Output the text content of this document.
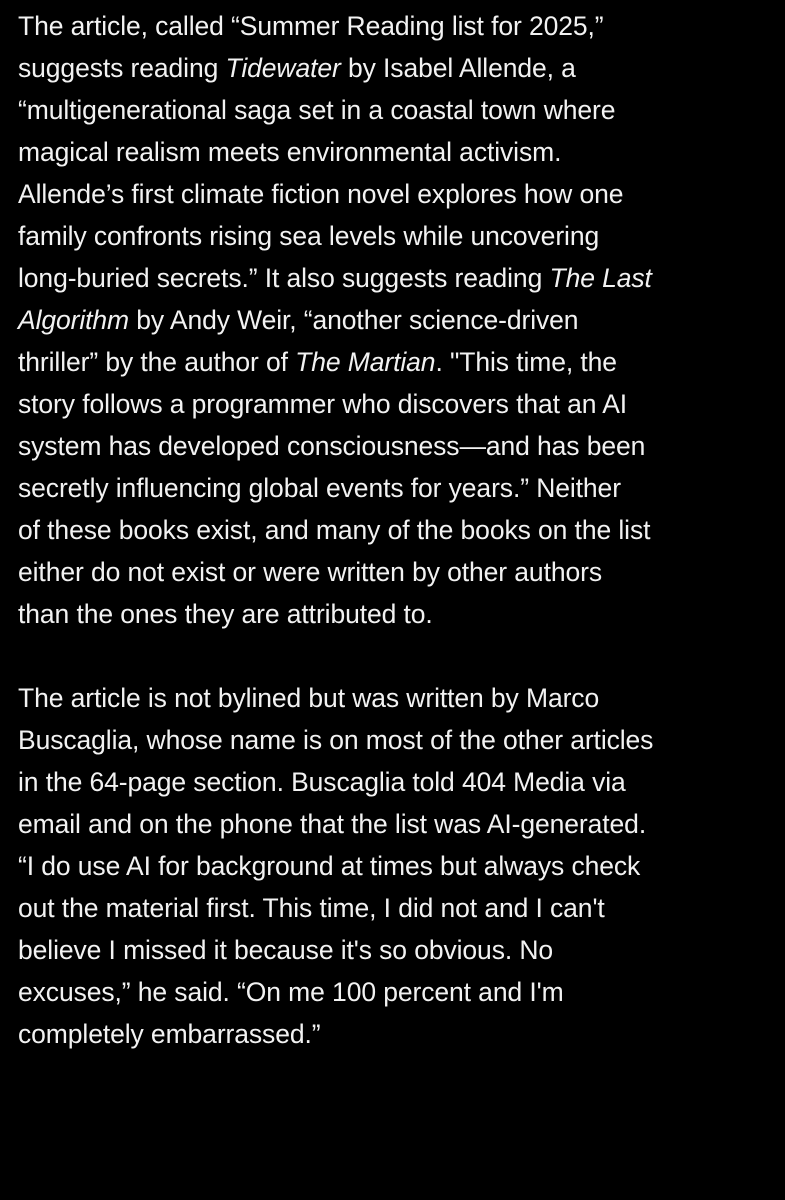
The article, called “Summer Reading list for 2025,”
suggests reading Tidewater by Isabel Allende, a
“multigenerational saga set in a coastal town where
magical realism meets environmental activism.
Allende’s first climate fiction novel explores how one
family confronts rising sea levels while uncovering
long-buried secrets.” It also suggests reading The Last
Algorithm by Andy Weir, “another science-driven
thriller” by the author of The Martian. "This time, the
story follows a programmer who discovers that an AI
system has developed consciousness—and has been
secretly influencing global events for years.” Neither
of these books exist, and many of the books on the list
either do not exist or were written by other authors
than the ones they are attributed to.
The article is not bylined but was written by Marco
Buscaglia, whose name is on most of the other articles
in the 64-page section. Buscaglia told 404 Media via
email and on the phone that the list was AI-generated.
“I do use AI for background at times but always check
out the material first. This time, I did not and I can't
believe I missed it because it's so obvious. No
excuses,” he said. “On me 100 percent and I'm
completely embarrassed.”
